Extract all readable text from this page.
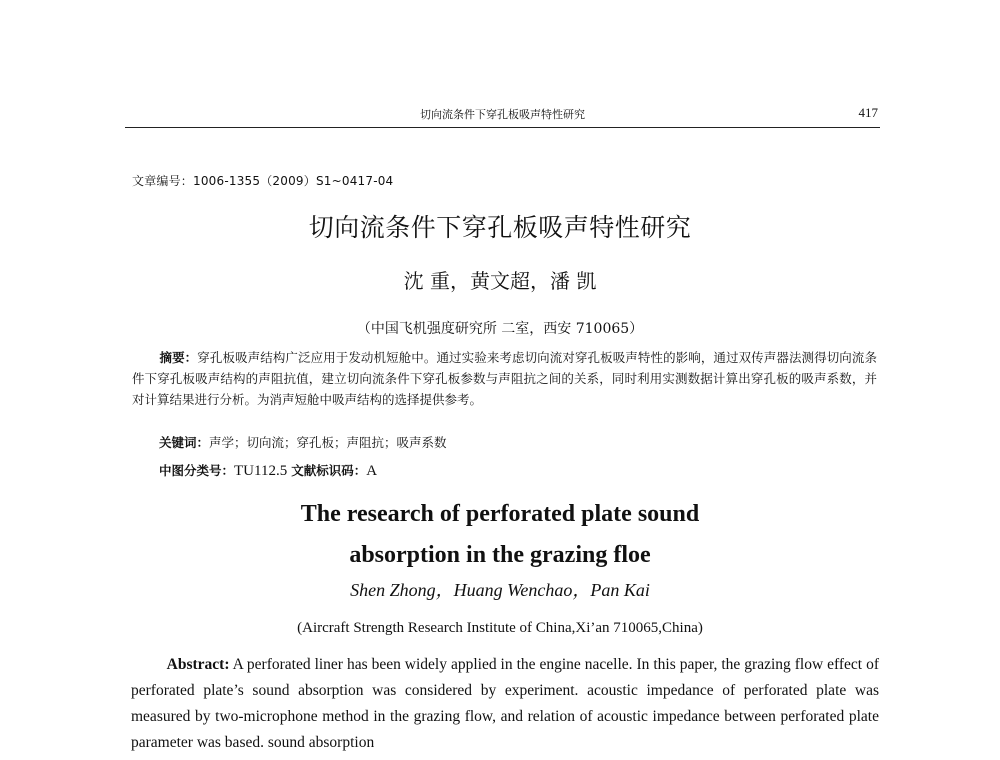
切向流条件下穿孔板吸声特性研究	417
文章编号：1006-1355（2009）S1~0417-04
切向流条件下穿孔板吸声特性研究
沈 重，黄文超，潘 凯
（中国飞机强度研究所 二室，西安 710065）
摘要：穿孔板吸声结构广泛应用于发动机短舱中。通过实验来考虑切向流对穿孔板吸声特性的影响，通过双传声器法测得切向流条件下穿孔板吸声结构的声阻抗值，建立切向流条件下穿孔板参数与声阻抗之间的关系，同时利用实测数据计算出穿孔板的吸声系数，并对计算结果进行分析。为消声短舱中吸声结构的选择提供参考。
关键词：声学；切向流；穿孔板；声阻抗；吸声系数
中图分类号：TU112.5 文献标识码：A
The research of perforated plate sound
absorption in the grazing floe
Shen Zhong，Huang Wenchao，Pan Kai
(Aircraft Strength Research Institute of China,Xi’an 710065,China)
Abstract: A perforated liner has been widely applied in the engine nacelle. In this paper, the grazing flow effect of perforated plate’s sound absorption was considered by experiment. acoustic impedance of perforated plate was measured by two-microphone method in the grazing flow, and relation of acoustic impedance between perforated plate parameter was based. sound absorption
